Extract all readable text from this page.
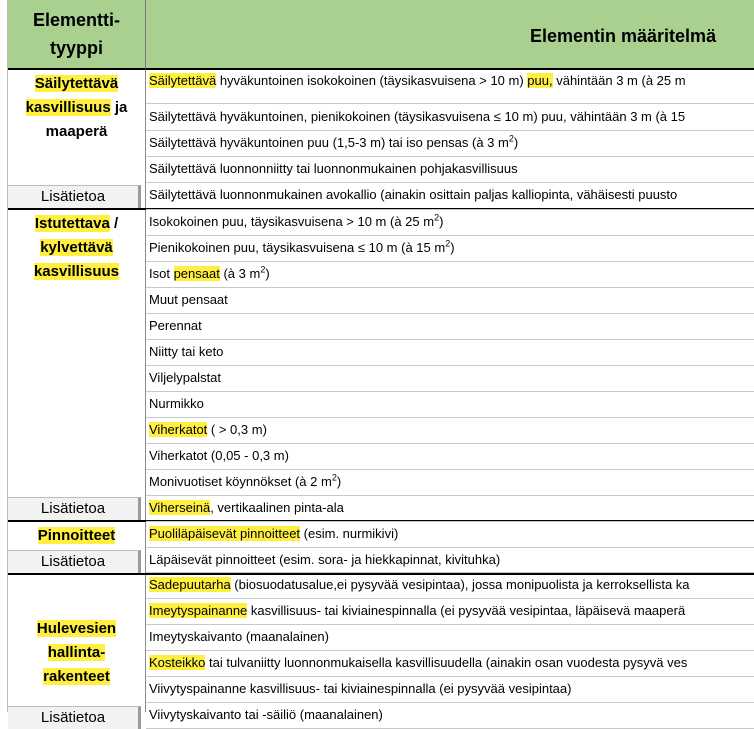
Elementti-
tyyppi
Elementin määritelmä
Säilytettävä
kasvillisuus ja
maaperä
Istutettava /
kylvettävä
kasvillisuus
Pinnoitteet
Hulevesien
hallinta-
rakenteet
Lisätietoa
Lisätietoa
Lisätietoa
Lisätietoa
Säilytettävä hyväkuntoinen isokokoinen (täysikasvuisena > 10 m) puu, vähintään 3 m (à 25 m
Säilytettävä hyväkuntoinen, pienikokoinen (täysikasvuisena ≤ 10 m) puu, vähintään 3 m (à 15
Säilytettävä hyväkuntoinen puu (1,5-3 m) tai iso pensas (à 3 $m^2$)
Säilytettävä luonnonniitty tai luonnonmukainen pohjakasvillisuus
Säilytettävä luonnonmukainen avokallio (ainakin osittain paljas kalliopinta, vähäisesti puusto
Isokokoinen puu, täysikasvuisena > 10 m (à 25 $m^2$)
Pienikokoinen puu, täysikasvuisena ≤ 10 m (à 15 $m^2$)
Isot pensaat (à 3 $m^2$)
Muut pensaat
Perennat
Niitty tai keto
Viljelypalstat
Nurmikko
Viherkatot ( > 0,3 m)
Viherkatot (0,05 - 0,3 m)
Monivuotiset köynnökset (à 2 $m^2$)
Viherseinä, vertikaalinen pinta-ala
Puoliläpäisevät pinnoitteet (esim. nurmikivi)
Läpäisevät pinnoitteet (esim. sora- ja hiekkapinnat, kivituhka)
Sadepuutarha (biosuodatusalue,ei pysyvää vesipintaa), jossa monipuolista ja kerroksellista ka
Imeytyspainanne kasvillisuus- tai kiviainespinnalla (ei pysyvää vesipintaa, läpäisevä maaperä
Imeytyskaivanto (maanalainen)
Kosteikko tai tulvaniitty luonnonmukaisella kasvillisuudella (ainakin osan vuodesta pysyvä ves
Viivytyspainanne kasvillisuus- tai kiviainespinnalla (ei pysyvää vesipintaa)
Viivytyskaivanto tai -säiliö (maanalainen)
